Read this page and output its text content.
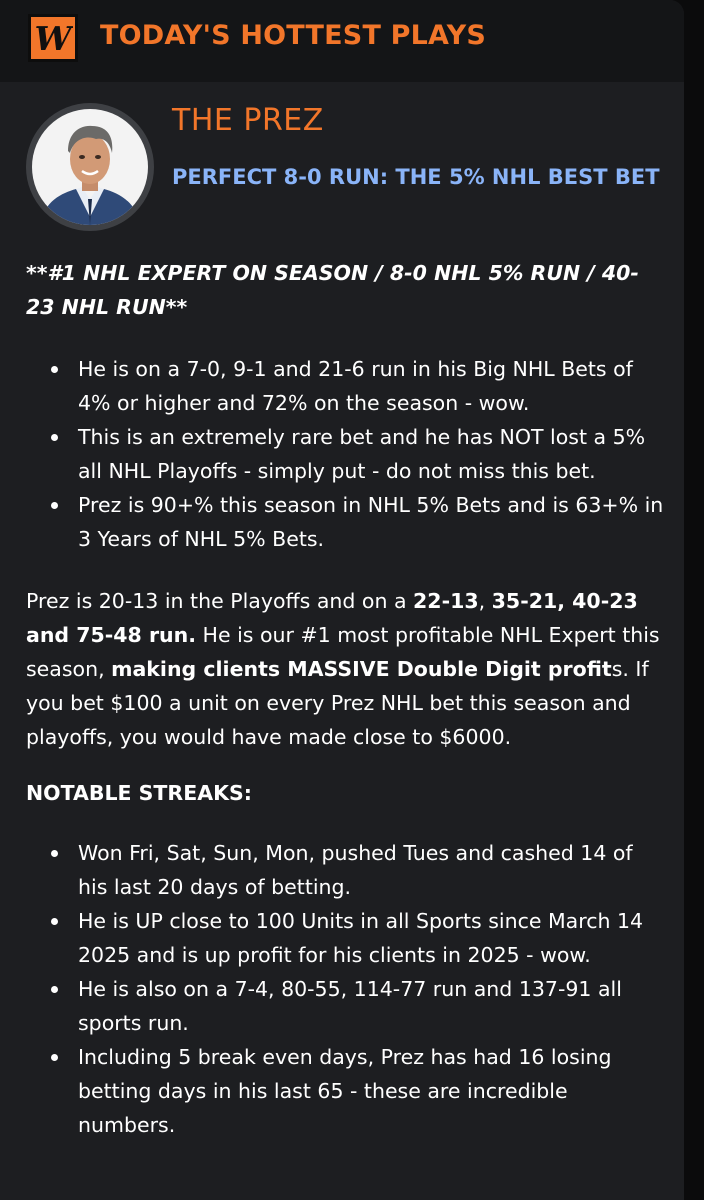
W TODAY'S HOTTEST PLAYS
THE PREZ
PERFECT 8-0 RUN: THE 5% NHL BEST BET
**#1 NHL EXPERT ON SEASON / 8-0 NHL 5% RUN / 40-23 NHL RUN**
He is on a 7-0, 9-1 and 21-6 run in his Big NHL Bets of 4% or higher and 72% on the season - wow.
This is an extremely rare bet and he has NOT lost a 5% all NHL Playoffs - simply put - do not miss this bet.
Prez is 90+% this season in NHL 5% Bets and is 63+% in 3 Years of NHL 5% Bets.

Prez is 20-13 in the Playoffs and on a 22-13, 35-21, 40-23 and 75-48 run. He is our #1 most profitable NHL Expert this season, making clients MASSIVE Double Digit profits. If you bet $100 a unit on every Prez NHL bet this season and playoffs, you would have made close to $6000.

NOTABLE STREAKS:
Won Fri, Sat, Sun, Mon, pushed Tues and cashed 14 of his last 20 days of betting.
He is UP close to 100 Units in all Sports since March 14 2025 and is up profit for his clients in 2025 - wow.
He is also on a 7-4, 80-55, 114-77 run and 137-91 all sports run.
Including 5 break even days, Prez has had 16 losing betting days in his last 65 - these are incredible numbers.
